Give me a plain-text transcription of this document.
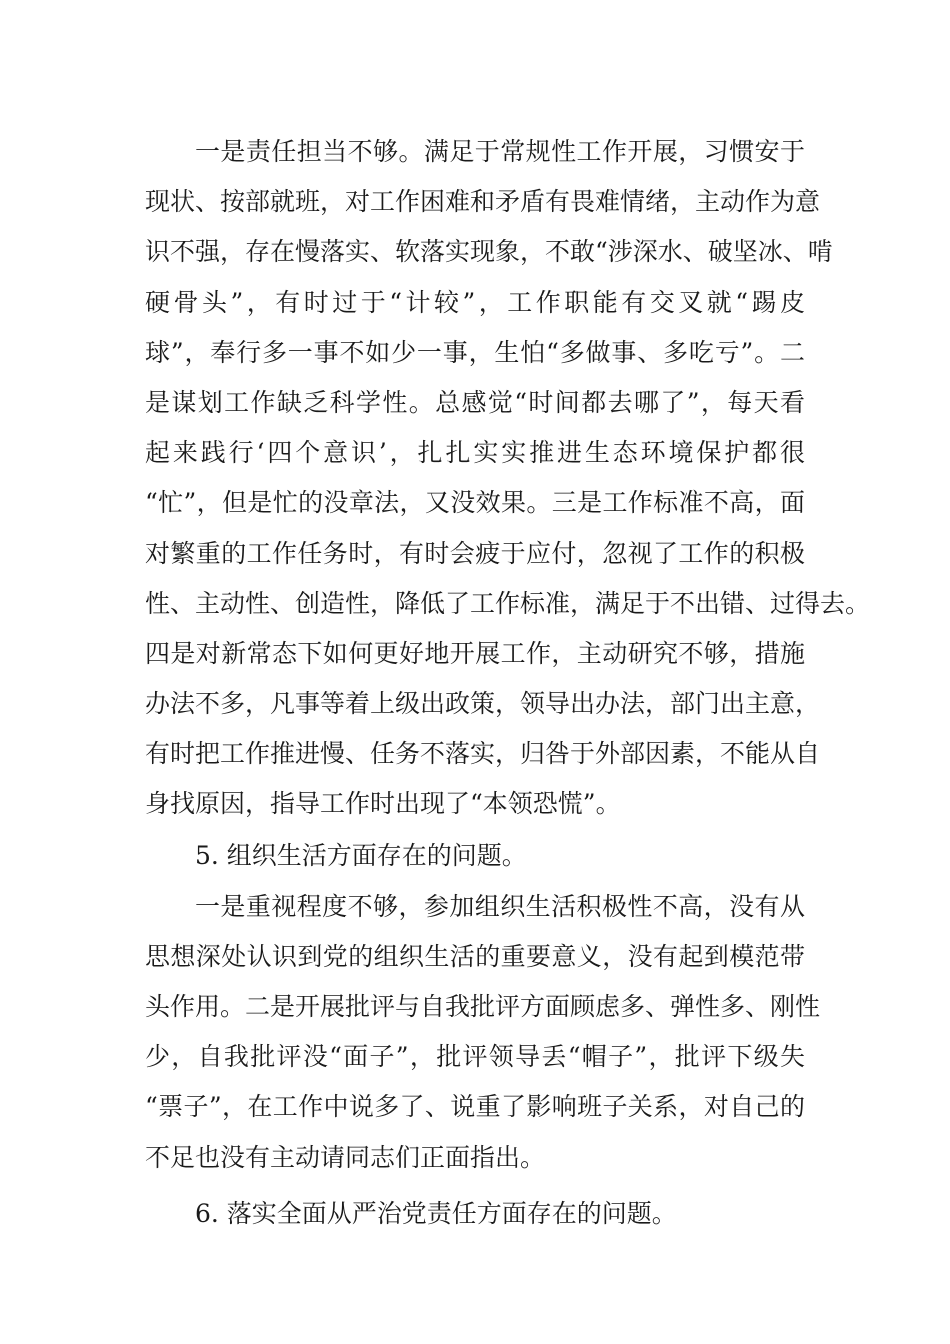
一是责任担当不够。满足于常规性工作开展，习惯安于
现状、按部就班，对工作困难和矛盾有畏难情绪，主动作为意
识不强，存在慢落实、软落实现象，不敢“涉深水、破坚冰、啃
硬骨头”，有时过于“计较”，工作职能有交叉就“踢皮
球”，奉行多一事不如少一事，生怕“多做事、多吃亏”。二
是谋划工作缺乏科学性。总感觉“时间都去哪了”，每天看
起来践行‘四个意识’，扎扎实实推进生态环境保护都很
“忙”，但是忙的没章法，又没效果。三是工作标准不高，面
对繁重的工作任务时，有时会疲于应付，忽视了工作的积极
性、主动性、创造性，降低了工作标准，满足于不出错、过得去。
四是对新常态下如何更好地开展工作，主动研究不够，措施
办法不多，凡事等着上级出政策，领导出办法，部门出主意，
有时把工作推进慢、任务不落实，归咎于外部因素，不能从自
身找原因，指导工作时出现了“本领恐慌”。
5. 组织生活方面存在的问题。
一是重视程度不够，参加组织生活积极性不高，没有从
思想深处认识到党的组织生活的重要意义，没有起到模范带
头作用。二是开展批评与自我批评方面顾虑多、弹性多、刚性
少，自我批评没“面子”，批评领导丢“帽子”，批评下级失
“票子”，在工作中说多了、说重了影响班子关系，对自己的
不足也没有主动请同志们正面指出。
6. 落实全面从严治党责任方面存在的问题。
